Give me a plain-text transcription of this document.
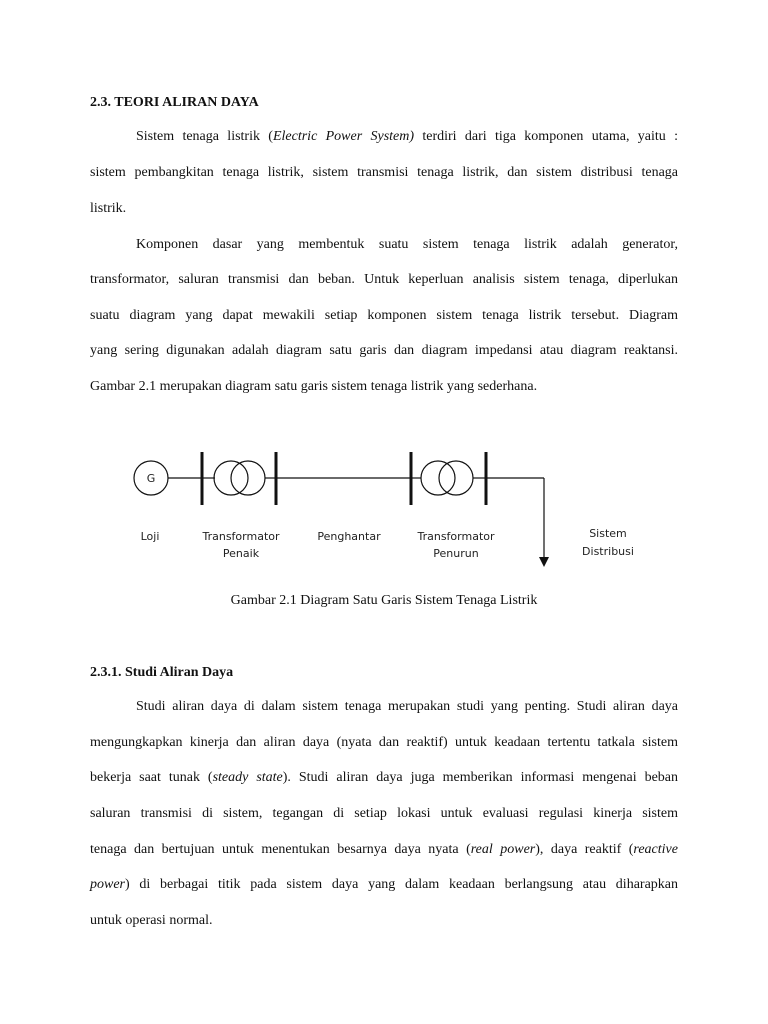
2.3. TEORI ALIRAN DAYA
Sistem tenaga listrik (Electric Power System) terdiri dari tiga komponen utama, yaitu :
sistem pembangkitan tenaga listrik, sistem transmisi tenaga listrik, dan sistem distribusi tenaga
listrik.
Komponen dasar yang membentuk suatu sistem tenaga listrik adalah generator,
transformator, saluran transmisi dan beban. Untuk keperluan analisis sistem tenaga, diperlukan
suatu diagram yang dapat mewakili setiap komponen sistem tenaga listrik tersebut. Diagram
yang sering digunakan adalah diagram satu garis dan diagram impedansi atau diagram reaktansi.
Gambar 2.1 merupakan diagram satu garis sistem tenaga listrik yang sederhana.
G
Loji	Transformator
Penaik
Penghantar	Transformator
Penurun
Sistem
Distribusi
Gambar 2.1 Diagram Satu Garis Sistem Tenaga Listrik
2.3.1. Studi Aliran Daya
Studi aliran daya di dalam sistem tenaga merupakan studi yang penting. Studi aliran daya
mengungkapkan kinerja dan aliran daya (nyata dan reaktif) untuk keadaan tertentu tatkala sistem
bekerja saat tunak (steady state). Studi aliran daya juga memberikan informasi mengenai beban
saluran transmisi di sistem, tegangan di setiap lokasi untuk evaluasi regulasi kinerja sistem
tenaga dan bertujuan untuk menentukan besarnya daya nyata (real power), daya reaktif (reactive
power) di berbagai titik pada sistem daya yang dalam keadaan berlangsung atau diharapkan
untuk operasi normal.
